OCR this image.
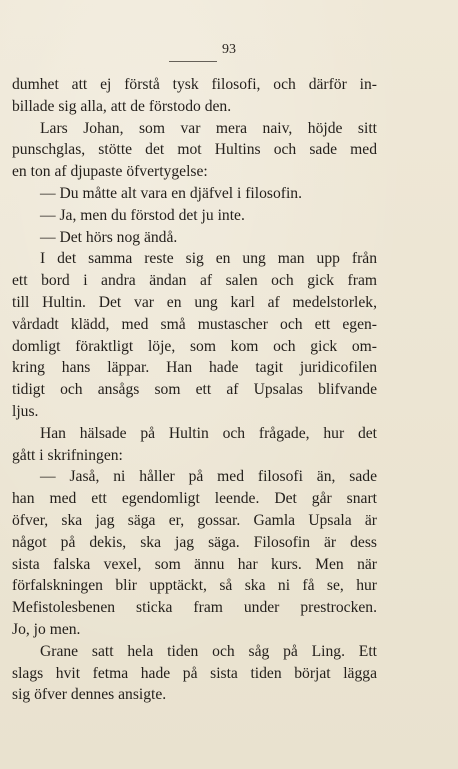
93
dumhet att ej förstå tysk filosofi, och därför in-
billade sig alla, att de förstodo den.
Lars Johan, som var mera naiv, höjde sitt
punschglas, stötte det mot Hultins och sade med
en ton af djupaste öfvertygelse:
— Du måtte alt vara en djäfvel i filosofin.
— Ja, men du förstod det ju inte.
— Det hörs nog ändå.
I det samma reste sig en ung man upp från
ett bord i andra ändan af salen och gick fram
till Hultin. Det var en ung karl af medelstorlek,
vårdadt klädd, med små mustascher och ett egen-
domligt föraktligt löje, som kom och gick om-
kring hans läppar. Han hade tagit juridicofilen
tidigt och ansågs som ett af Upsalas blifvande
ljus.
Han hälsade på Hultin och frågade, hur det
gått i skrifningen:
— Jaså, ni håller på med filosofi än, sade
han med ett egendomligt leende. Det går snart
öfver, ska jag säga er, gossar. Gamla Upsala är
något på dekis, ska jag säga. Filosofin är dess
sista falska vexel, som ännu har kurs. Men när
förfalskningen blir upptäckt, så ska ni få se, hur
Mefistolesbenen sticka fram under prestrocken.
Jo, jo men.
Grane satt hela tiden och såg på Ling. Ett
slags hvit fetma hade på sista tiden börjat lägga
sig öfver dennes ansigte.
